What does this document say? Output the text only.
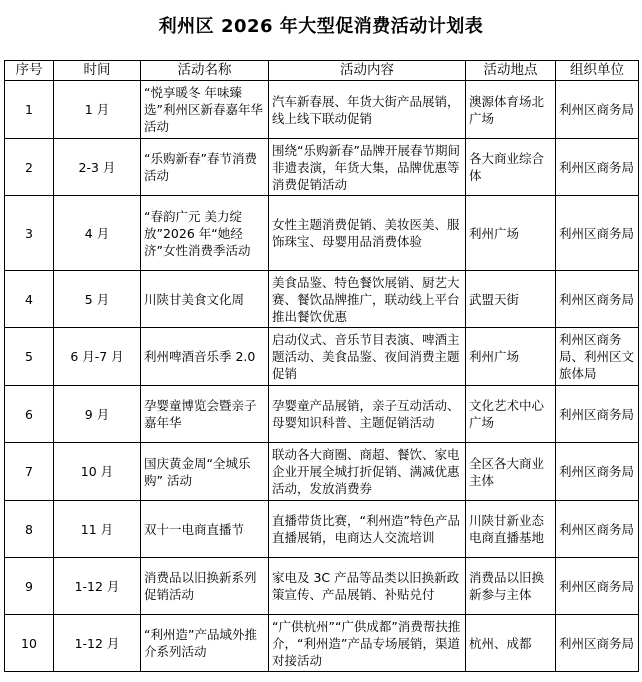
利州区 2026 年大型促消费活动计划表
序号	时间	活动名称	活动内容	活动地点	组织单位
1	1 月	“悦享暖冬 年味臻选”利州区新春嘉年华活动	汽车新春展、年货大街产品展销，线上线下联动促销	澳源体育场北广场	利州区商务局
2	2-3 月	“乐购新春”春节消费活动	围绕“乐购新春”品牌开展春节期间非遗表演，年货大集，品牌优惠等消费促销活动	各大商业综合体	利州区商务局
3	4 月	“春韵广元 美力绽放”2026 年“她经济”女性消费季活动	女性主题消费促销、美妆医美、服饰珠宝、母婴用品消费体验	利州广场	利州区商务局
4	5 月	川陕甘美食文化周	美食品鉴、特色餐饮展销、厨艺大赛、餐饮品牌推广，联动线上平台推出餐饮优惠	武盟天街	利州区商务局
5	6 月-7 月	利州啤酒音乐季 2.0	启动仪式、音乐节目表演、啤酒主题活动、美食品鉴、夜间消费主题促销	利州广场	利州区商务局、利州区文旅体局
6	9 月	孕婴童博览会暨亲子嘉年华	孕婴童产品展销，亲子互动活动、母婴知识科普、主题促销活动	文化艺术中心广场	利州区商务局
7	10 月	国庆黄金周“全城乐购” 活动	联动各大商圈、商超、餐饮、家电企业开展全城打折促销、满减优惠活动，发放消费券	全区各大商业主体	利州区商务局
8	11 月	双十一电商直播节	直播带货比赛，“利州造”特色产品直播展销，电商达人交流培训	川陕甘新业态电商直播基地	利州区商务局
9	1-12 月	消费品以旧换新系列促销活动	家电及 3C 产品等品类以旧换新政策宣传、产品展销、补贴兑付	消费品以旧换新参与主体	利州区商务局
10	1-12 月	“利州造”产品域外推介系列活动	“广供杭州”“广供成都”消费帮扶推介，“利州造”产品专场展销，渠道对接活动	杭州、成都	利州区商务局
